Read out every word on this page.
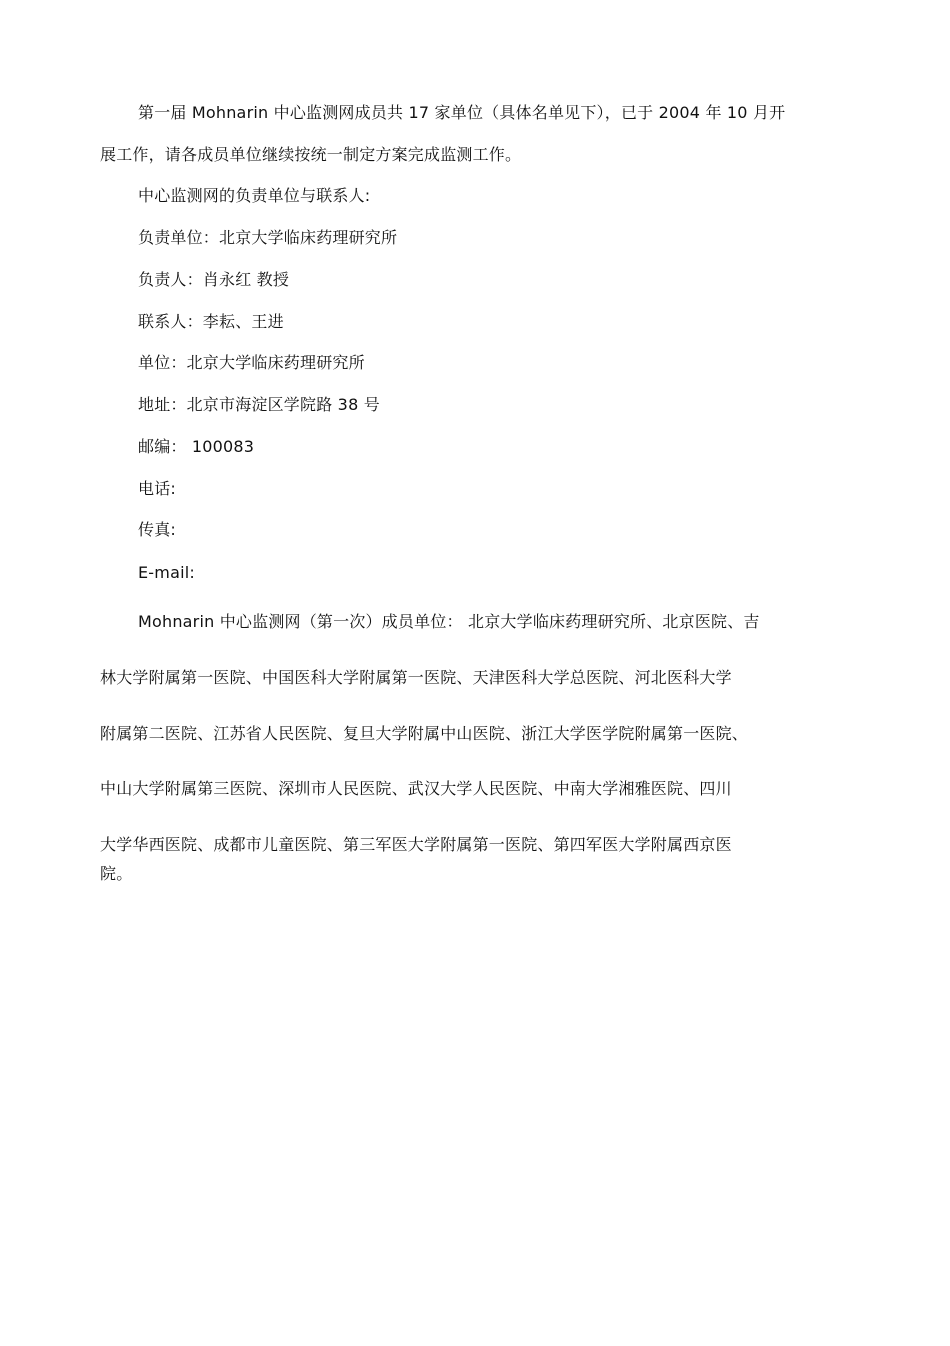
第一届 Mohnarin 中心监测网成员共 17 家单位（具体名单见下），已于 2004 年 10 月开
展工作，请各成员单位继续按统一制定方案完成监测工作。
中心监测网的负责单位与联系人:
负责单位：北京大学临床药理研究所
负责人：肖永红 教授
联系人：李耘、王进
单位：北京大学临床药理研究所
地址：北京市海淀区学院路 38 号
邮编： 100083
电话:
传真:
E-mail:
Mohnarin 中心监测网（第一次）成员单位： 北京大学临床药理研究所、北京医院、吉
林大学附属第一医院、中国医科大学附属第一医院、天津医科大学总医院、河北医科大学
附属第二医院、江苏省人民医院、复旦大学附属中山医院、浙江大学医学院附属第一医院、
中山大学附属第三医院、深圳市人民医院、武汉大学人民医院、中南大学湘雅医院、四川
大学华西医院、成都市儿童医院、第三军医大学附属第一医院、第四军医大学附属西京医
院。
